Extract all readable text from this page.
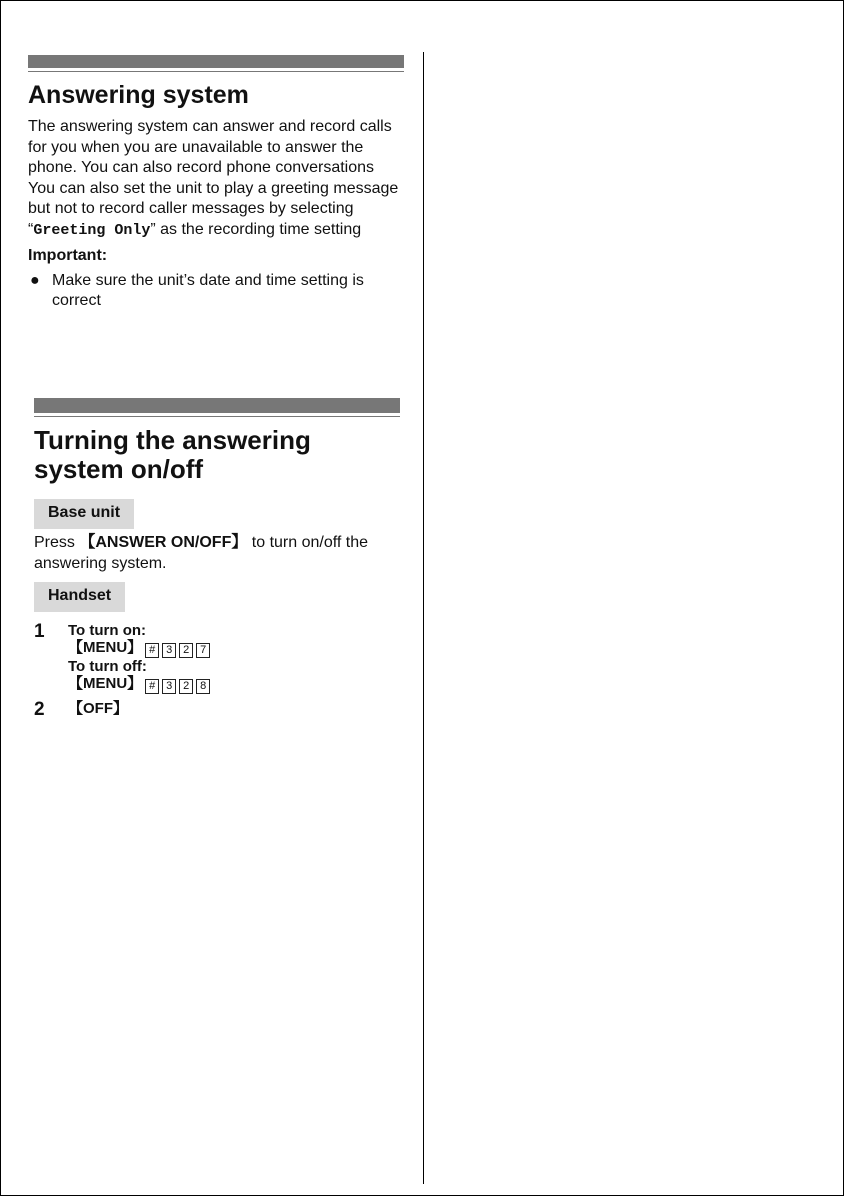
Answering system

The answering system can answer and record calls for you when you are unavailable to answer the phone. You can also record phone conversations

You can also set the unit to play a greeting message but not to record caller messages by selecting “Greeting Only” as the recording time setting

Important:
● Make sure the unit’s date and time setting is correct
Turning the answering
system on/off
Base unit

Press 【ANSWER ON/OFF】 to turn on/off the answering system.

Handset
1	To turn on:
【MENU】 # 3 2 7
To turn off:
【MENU】 # 3 2 8
2	【OFF】
